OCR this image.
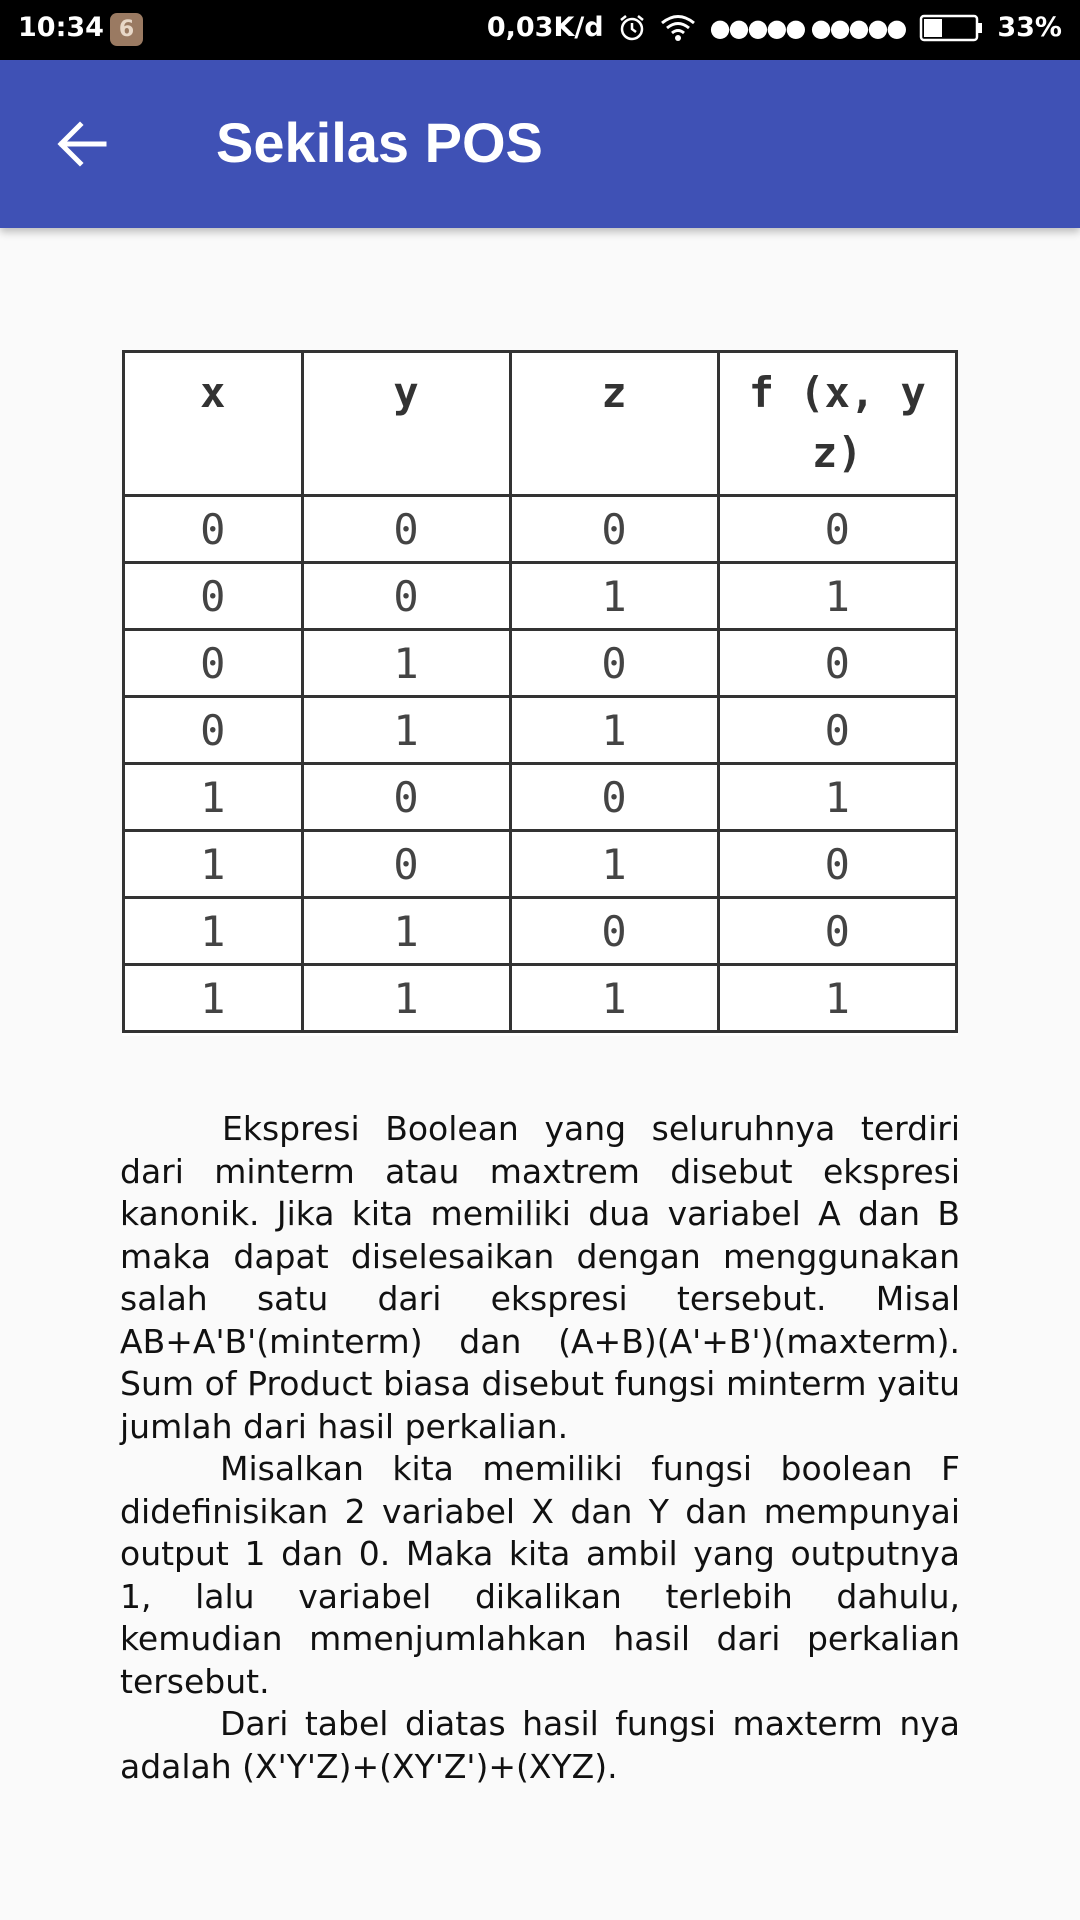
10:34 6	0,03K/d	●●●●● ●●●●●	33%
Sekilas POS
x	y	z	f (x, y z)
0	0	0	0
0	0	1	1
0	1	0	0
0	1	1	0
1	0	0	1
1	0	1	0
1	1	0	0
1	1	1	1

Ekspresi Boolean yang seluruhnya terdiri dari minterm atau maxtrem disebut ekspresi kanonik. Jika kita memiliki dua variabel A dan B maka dapat diselesaikan dengan menggunakan salah satu dari ekspresi tersebut. Misal AB+A'B'(minterm) dan (A+B)(A'+B')(maxterm). Sum of Product biasa disebut fungsi minterm yaitu jumlah dari hasil perkalian.

Misalkan kita memiliki fungsi boolean F didefinisikan 2 variabel X dan Y dan mempunyai output 1 dan 0. Maka kita ambil yang outputnya 1, lalu variabel dikalikan terlebih dahulu, kemudian mmenjumlahkan hasil dari perkalian tersebut.

Dari tabel diatas hasil fungsi maxterm nya adalah (X'Y'Z)+(XY'Z')+(XYZ).
